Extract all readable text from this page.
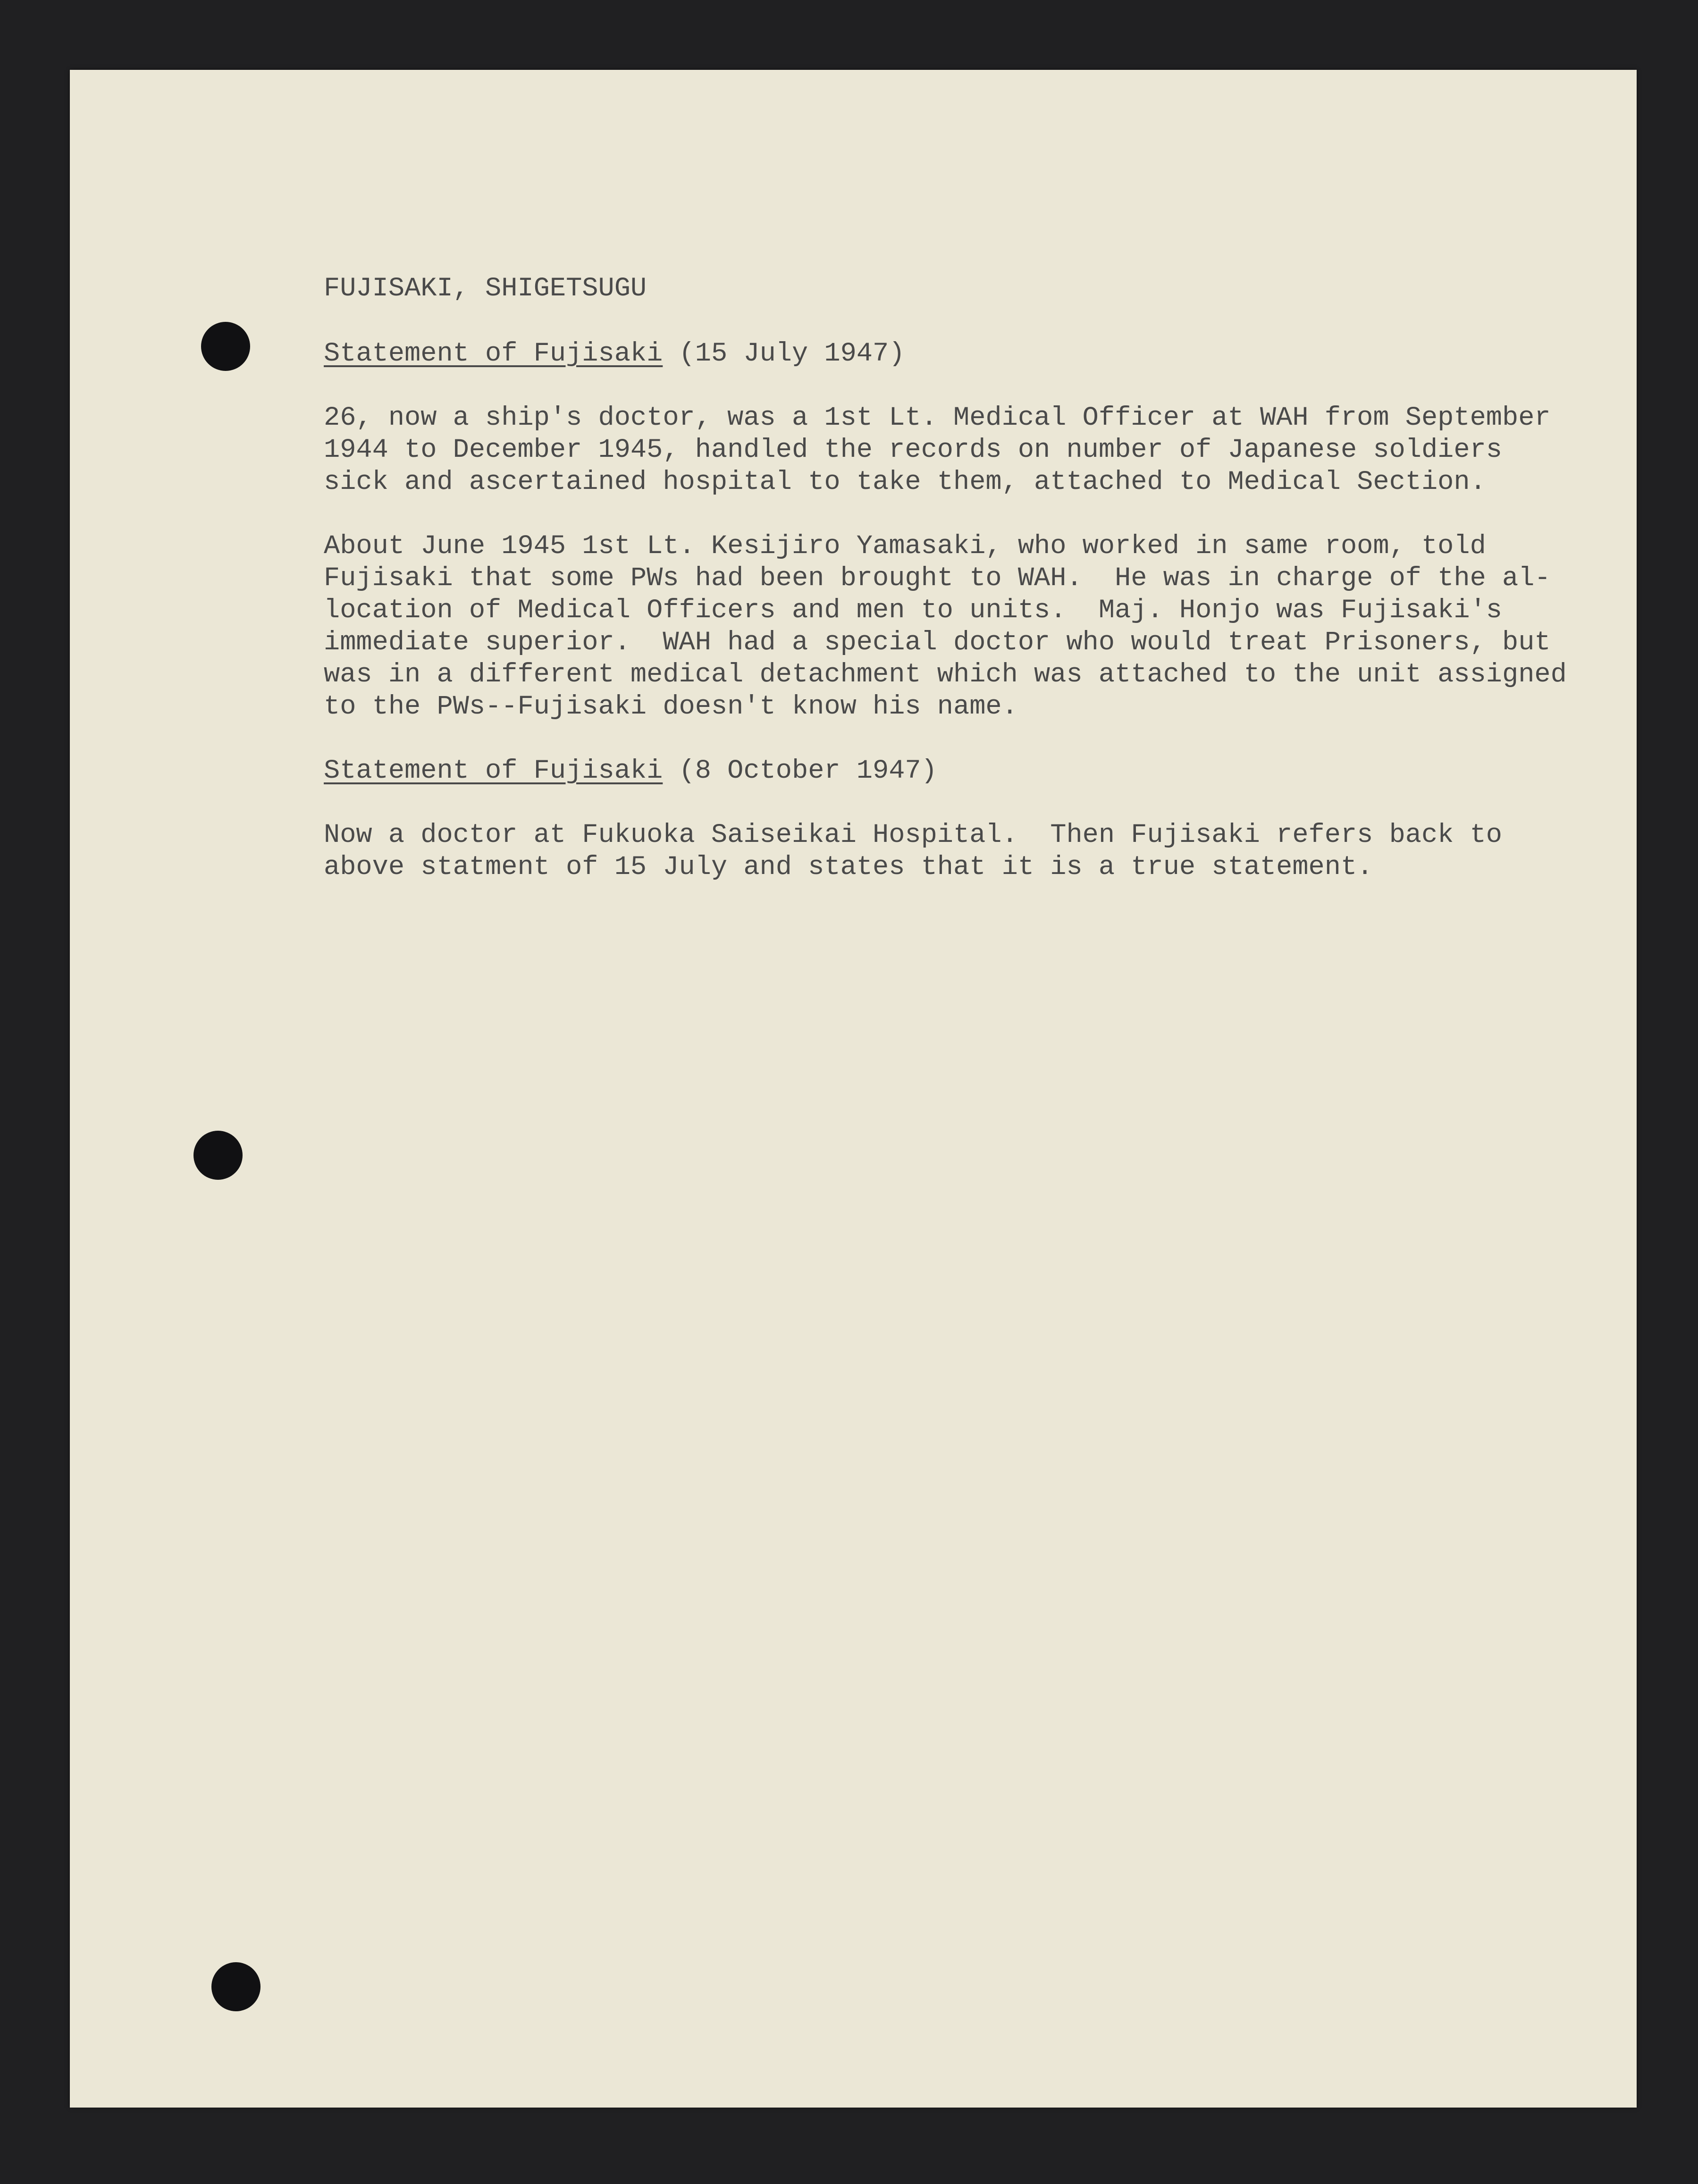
FUJISAKI, SHIGETSUGU

Statement of Fujisaki (15 July 1947)

26, now a ship's doctor, was a 1st Lt. Medical Officer at WAH from September
1944 to December 1945, handled the records on number of Japanese soldiers
sick and ascertained hospital to take them, attached to Medical Section.

About June 1945 1st Lt. Kesijiro Yamasaki, who worked in same room, told
Fujisaki that some PWs had been brought to WAH.  He was in charge of the al-
location of Medical Officers and men to units.  Maj. Honjo was Fujisaki's
immediate superior.  WAH had a special doctor who would treat Prisoners, but
was in a different medical detachment which was attached to the unit assigned
to the PWs--Fujisaki doesn't know his name.

Statement of Fujisaki (8 October 1947)

Now a doctor at Fukuoka Saiseikai Hospital.  Then Fujisaki refers back to
above statment of 15 July and states that it is a true statement.
